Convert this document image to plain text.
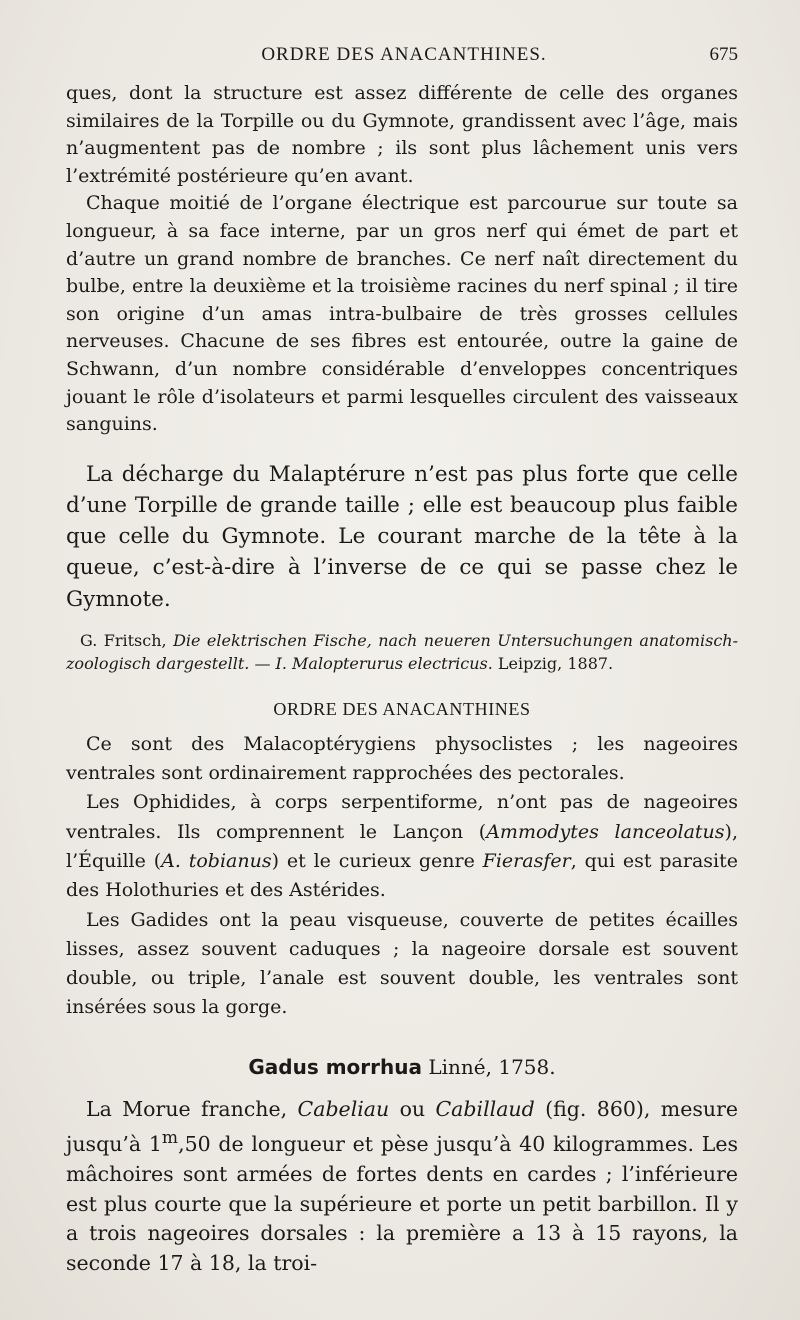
ORDRE DES ANACANTHINES.	675

ques, dont la structure est assez différente de celle des organes similaires de la Torpille ou du Gymnote, grandissent avec l’âge, mais n’augmentent pas de nombre ; ils sont plus lâchement unis vers l’extrémité postérieure qu’en avant.

Chaque moitié de l’organe électrique est parcourue sur toute sa longueur, à sa face interne, par un gros nerf qui émet de part et d’autre un grand nombre de branches. Ce nerf naît directement du bulbe, entre la deuxième et la troisième racines du nerf spinal ; il tire son origine d’un amas intra-bulbaire de très grosses cellules nerveuses. Chacune de ses fibres est entourée, outre la gaine de Schwann, d’un nombre considérable d’enveloppes concentriques jouant le rôle d’isolateurs et parmi lesquelles circulent des vaisseaux sanguins.

La décharge du Malaptérure n’est pas plus forte que celle d’une Torpille de grande taille ; elle est beaucoup plus faible que celle du Gymnote. Le courant marche de la tête à la queue, c’est-à-dire à l’inverse de ce qui se passe chez le Gymnote.

G. Fritsch, Die elektrischen Fische, nach neueren Untersuchungen anatomisch-zoologisch dargestellt. — I. Malopterurus electricus. Leipzig, 1887.

ORDRE DES ANACANTHINES

Ce sont des Malacoptérygiens physoclistes ; les nageoires ventrales sont ordinairement rapprochées des pectorales.

Les Ophidides, à corps serpentiforme, n’ont pas de nageoires ventrales. Ils comprennent le Lançon (Ammodytes lanceolatus), l’Équille (A. tobianus) et le curieux genre Fierasfer, qui est parasite des Holothuries et des Astérides.

Les Gadides ont la peau visqueuse, couverte de petites écailles lisses, assez souvent caduques ; la nageoire dorsale est souvent double, ou triple, l’anale est souvent double, les ventrales sont insérées sous la gorge.

Gadus morrhua Linné, 1758.

La Morue franche, Cabeliau ou Cabillaud (fig. 860), mesure jusqu’à 1$^m$,50 de longueur et pèse jusqu’à 40 kilogrammes. Les mâchoires sont armées de fortes dents en cardes ; l’inférieure est plus courte que la supérieure et porte un petit barbillon. Il y a trois nageoires dorsales : la première a 13 à 15 rayons, la seconde 17 à 18, la troi-
